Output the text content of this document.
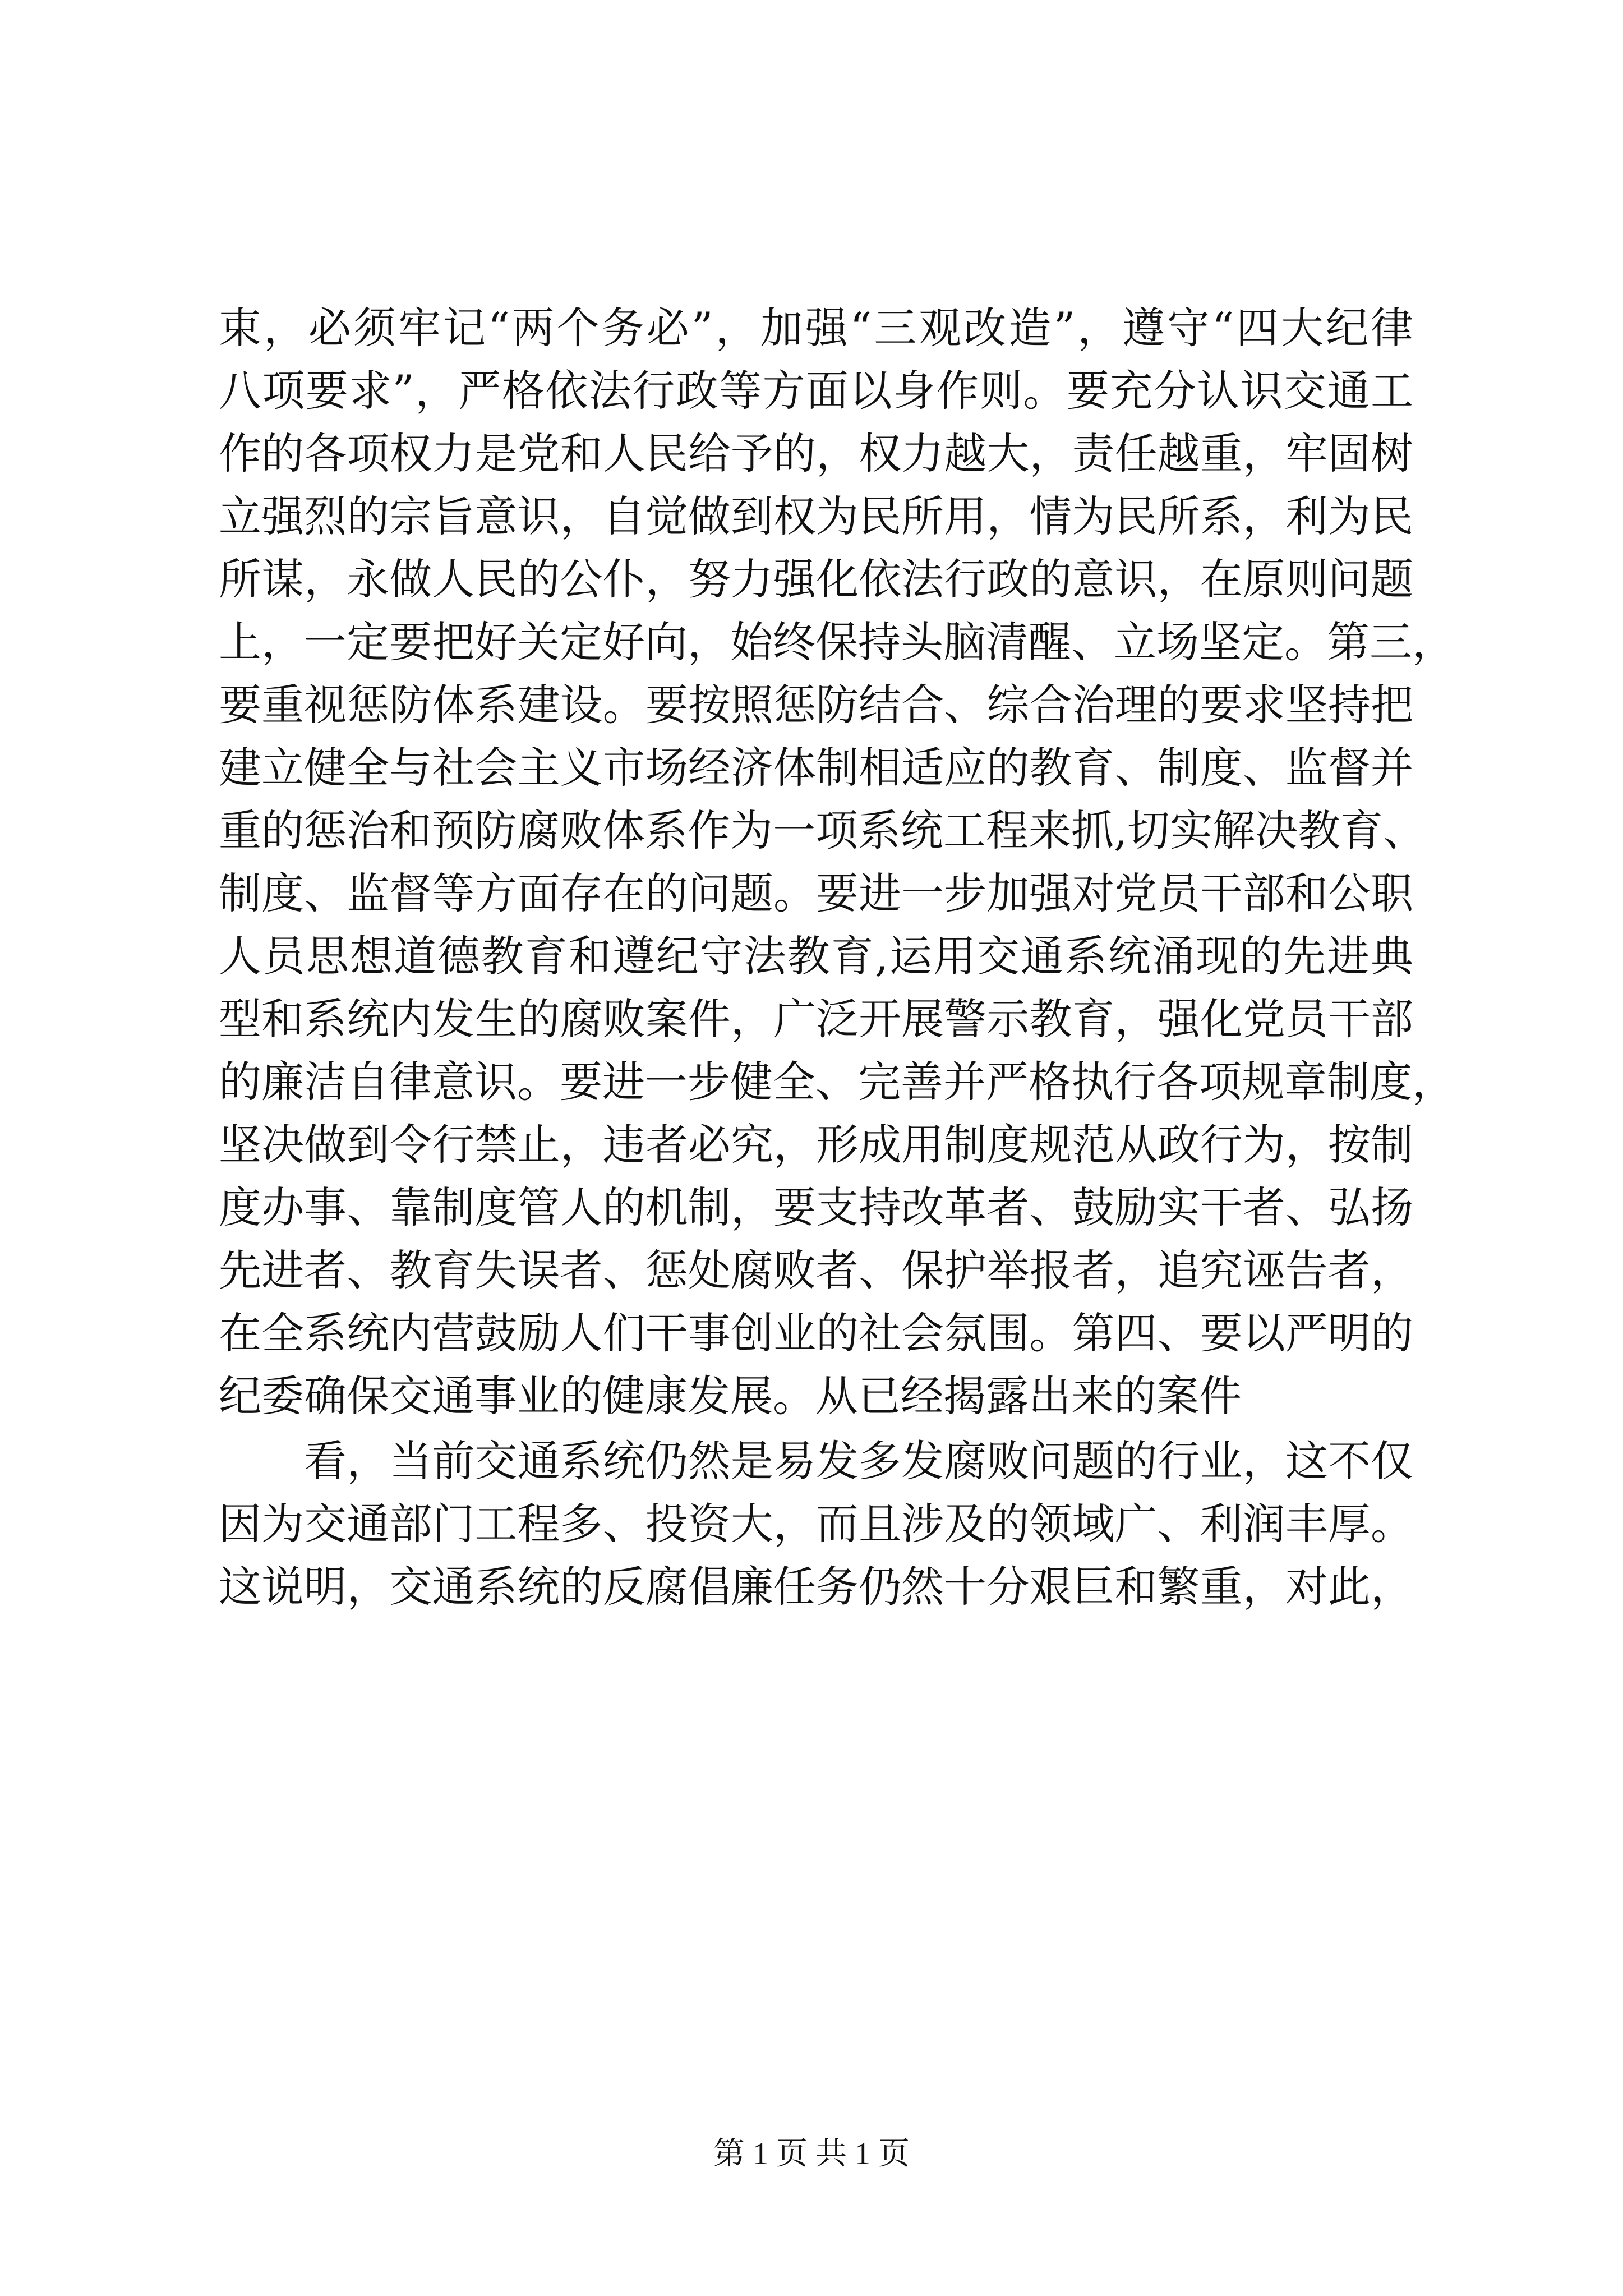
束，必须牢记“两个务必”，加强“三观改造”，遵守“四大纪律
八项要求”，严格依法行政等方面以身作则。要充分认识交通工
作的各项权力是党和人民给予的，权力越大，责任越重，牢固树
立强烈的宗旨意识，自觉做到权为民所用，情为民所系，利为民
所谋，永做人民的公仆，努力强化依法行政的意识，在原则问题
上，一定要把好关定好向，始终保持头脑清醒、立场坚定。第三，
要重视惩防体系建设。要按照惩防结合、综合治理的要求坚持把
建立健全与社会主义市场经济体制相适应的教育、制度、监督并
重的惩治和预防腐败体系作为一项系统工程来抓,切实解决教育、
制度、监督等方面存在的问题。要进一步加强对党员干部和公职
人员思想道德教育和遵纪守法教育,运用交通系统涌现的先进典
型和系统内发生的腐败案件，广泛开展警示教育，强化党员干部
的廉洁自律意识。要进一步健全、完善并严格执行各项规章制度，
坚决做到令行禁止，违者必究，形成用制度规范从政行为，按制
度办事、靠制度管人的机制，要支持改革者、鼓励实干者、弘扬
先进者、教育失误者、惩处腐败者、保护举报者，追究诬告者，
在全系统内营鼓励人们干事创业的社会氛围。第四、要以严明的
纪委确保交通事业的健康发展。从已经揭露出来的案件
看，当前交通系统仍然是易发多发腐败问题的行业，这不仅
因为交通部门工程多、投资大，而且涉及的领域广、利润丰厚。
这说明，交通系统的反腐倡廉任务仍然十分艰巨和繁重，对此，
第 1 页 共 1 页
